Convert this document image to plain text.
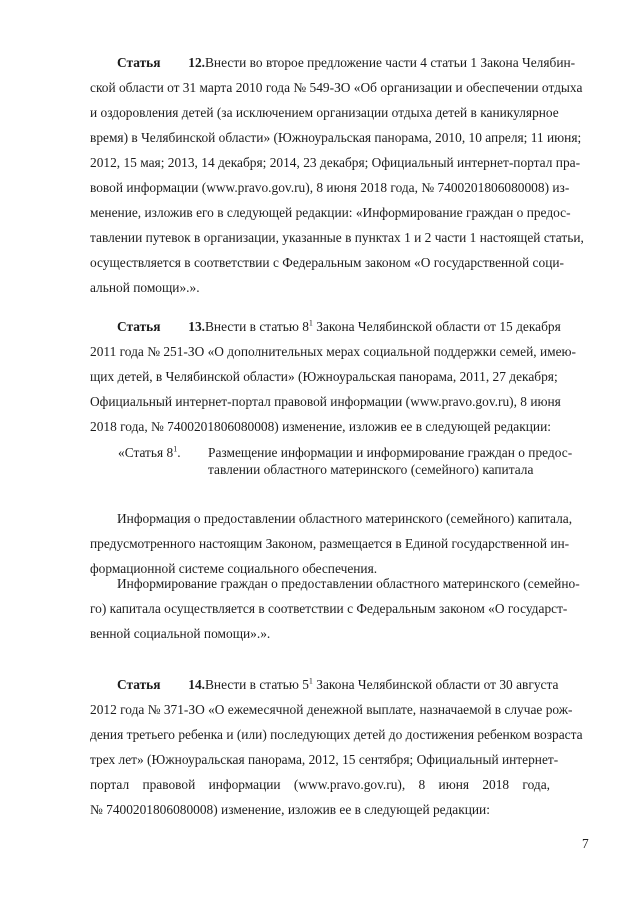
Статья 12.Внести во второе предложение части 4 статьи 1 Закона Челябин-
ской области от 31 марта 2010 года № 549-ЗО «Об организации и обеспечении отдыха
и оздоровления детей (за исключением организации отдыха детей в каникулярное
время) в Челябинской области» (Южноуральская панорама, 2010, 10 апреля; 11 июня;
2012, 15 мая; 2013, 14 декабря; 2014, 23 декабря; Официальный интернет-портал пра-
вовой информации (www.pravo.gov.ru), 8 июня 2018 года, № 7400201806080008) из-
менение, изложив его в следующей редакции: «Информирование граждан о предос-
тавлении путевок в организации, указанные в пунктах 1 и 2 части 1 настоящей статьи,
осуществляется в соответствии с Федеральным законом «О государственной соци-
альной помощи».».
Статья 13.Внести в статью $8^1$ Закона Челябинской области от 15 декабря
2011 года № 251-ЗО «О дополнительных мерах социальной поддержки семей, имею-
щих детей, в Челябинской области» (Южноуральская панорама, 2011, 27 декабря;
Официальный интернет-портал правовой информации (www.pravo.gov.ru), 8 июня
2018 года, № 7400201806080008) изменение, изложив ее в следующей редакции:
«Статья $8^1$. Размещение информации и информирование граждан о предос-
тавлении областного материнского (семейного) капитала
Информация о предоставлении областного материнского (семейного) капитала,
предусмотренного настоящим Законом, размещается в Единой государственной ин-
формационной системе социального обеспечения.
Информирование граждан о предоставлении областного материнского (семейно-
го) капитала осуществляется в соответствии с Федеральным законом «О государст-
венной социальной помощи».».
Статья 14.Внести в статью $5^1$ Закона Челябинской области от 30 августа
2012 года № 371-ЗО «О ежемесячной денежной выплате, назначаемой в случае рож-
дения третьего ребенка и (или) последующих детей до достижения ребенком возраста
трех лет» (Южноуральская панорама, 2012, 15 сентября; Официальный интернет-
портал правовой информации (www.pravo.gov.ru), 8 июня 2018 года,
№ 7400201806080008) изменение, изложив ее в следующей редакции:
7
